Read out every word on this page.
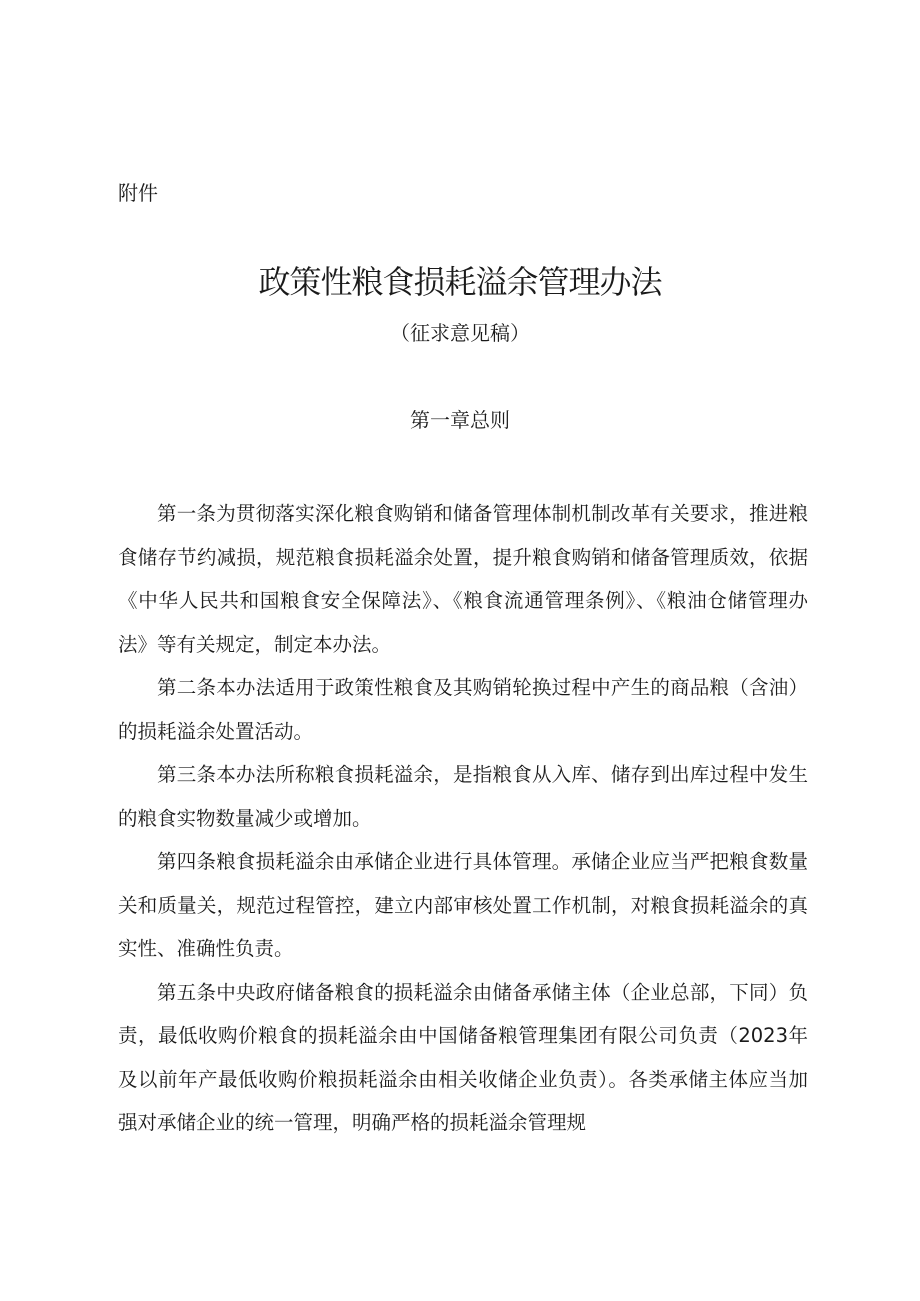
附件
政策性粮食损耗溢余管理办法
（征求意见稿）
第一章总则

第一条为贯彻落实深化粮食购销和储备管理体制机制改革有关要求，推进粮食储存节约减损，规范粮食损耗溢余处置，提升粮食购销和储备管理质效，依据《中华人民共和国粮食安全保障法》、《粮食流通管理条例》、《粮油仓储管理办法》等有关规定，制定本办法。

第二条本办法适用于政策性粮食及其购销轮换过程中产生的商品粮（含油）的损耗溢余处置活动。

第三条本办法所称粮食损耗溢余，是指粮食从入库、储存到出库过程中发生的粮食实物数量减少或增加。

第四条粮食损耗溢余由承储企业进行具体管理。承储企业应当严把粮食数量关和质量关，规范过程管控，建立内部审核处置工作机制，对粮食损耗溢余的真实性、准确性负责。

第五条中央政府储备粮食的损耗溢余由储备承储主体（企业总部，下同）负责，最低收购价粮食的损耗溢余由中国储备粮管理集团有限公司负责（2023年及以前年产最低收购价粮损耗溢余由相关收储企业负责）。各类承储主体应当加强对承储企业的统一管理，明确严格的损耗溢余管理规
